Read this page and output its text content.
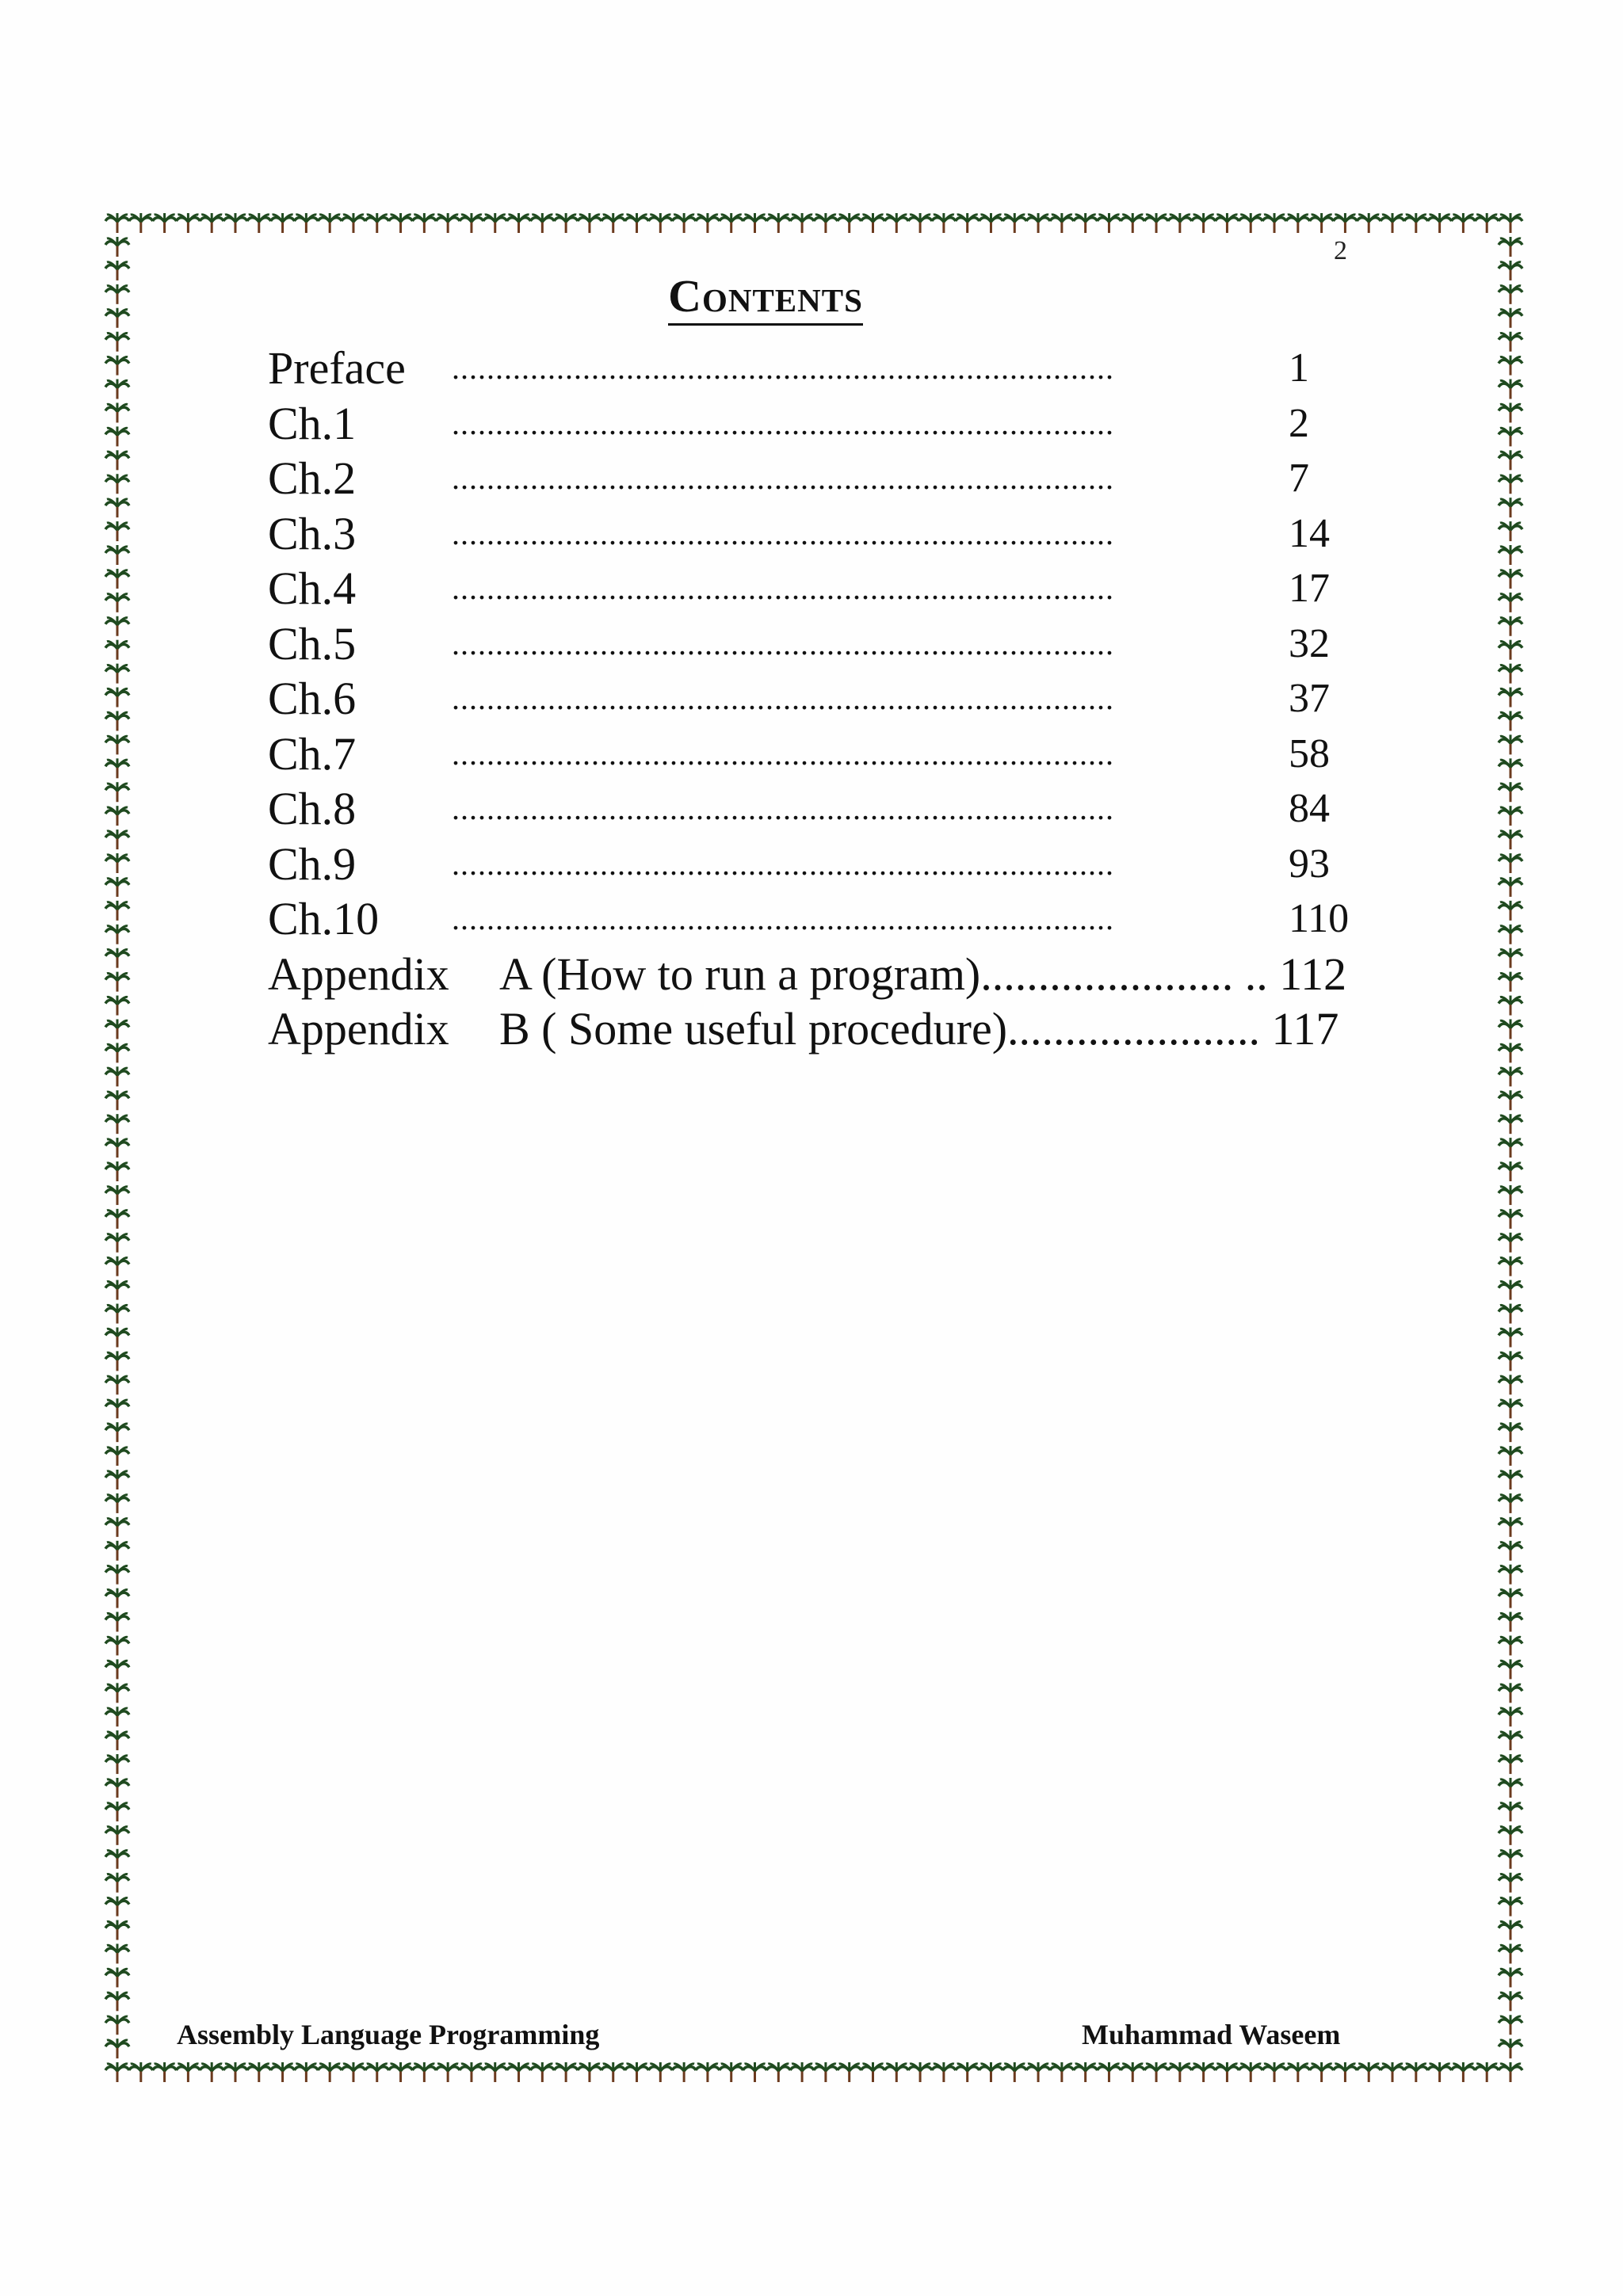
2
Contents
Preface ............................................................................	1
Ch.1	............................................................................	2
Ch.2	............................................................................	7
Ch.3	............................................................................	14
Ch.4	............................................................................	17
Ch.5	............................................................................	32
Ch.6	............................................................................	37
Ch.7	............................................................................	58
Ch.8	............................................................................	84
Ch.9	............................................................................	93
Ch.10 ............................................................................	110
Appendix A (How to run a program)...................... .. 112
Appendix B ( Some useful procedure)...................... 117
Assembly Language Programming	Muhammad Waseem
